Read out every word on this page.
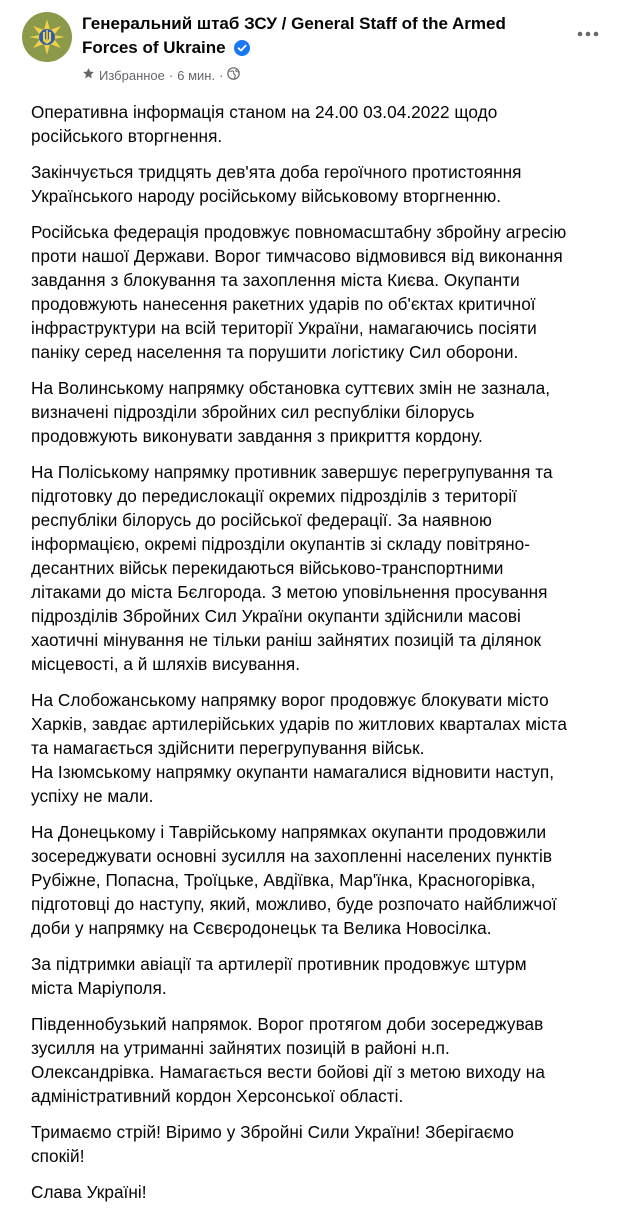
Генеральний штаб ЗСУ / General Staff of the Armed
Forces of Ukraine
Избранное · 6 мин. ·
Оперативна інформація станом на 24.00 03.04.2022 щодо
російського вторгнення.
Закінчується тридцять дев'ята доба героїчного протистояння
Українського народу російському військовому вторгненню.
Російська федерація продовжує повномасштабну збройну агресію
проти нашої Держави. Ворог тимчасово відмовився від виконання
завдання з блокування та захоплення міста Києва. Окупанти
продовжують нанесення ракетних ударів по об'єктах критичної
інфраструктури на всій території України, намагаючись посіяти
паніку серед населення та порушити логістику Сил оборони.
На Волинському напрямку обстановка суттєвих змін не зазнала,
визначені підрозділи збройних сил республіки білорусь
продовжують виконувати завдання з прикриття кордону.
На Поліському напрямку противник завершує перегрупування та
підготовку до передислокації окремих підрозділів з території
республіки білорусь до російської федерації. За наявною
інформацією, окремі підрозділи окупантів зі складу повітряно-
десантних військ перекидаються військово-транспортними
літаками до міста Бєлгорода. З метою уповільнення просування
підрозділів Збройних Сил України окупанти здійснили масові
хаотичні мінування не тільки раніш зайнятих позицій та ділянок
місцевості, а й шляхів висування.
На Слобожанському напрямку ворог продовжує блокувати місто
Харків, завдає артилерійських ударів по житлових кварталах міста
та намагається здійснити перегрупування військ.
На Ізюмському напрямку окупанти намагалися відновити наступ,
успіху не мали.
На Донецькому і Таврійському напрямках окупанти продовжили
зосереджувати основні зусилля на захопленні населених пунктів
Рубіжне, Попасна, Троїцьке, Авдіївка, Мар'їнка, Красногорівка,
підготовці до наступу, який, можливо, буде розпочато найближчої
доби у напрямку на Сєвєродонецьк та Велика Новосілка.
За підтримки авіації та артилерії противник продовжує штурм
міста Маріуполя.
Південнобузький напрямок. Ворог протягом доби зосереджував
зусилля на утриманні зайнятих позицій в районі н.п.
Олександрівка. Намагається вести бойові дії з метою виходу на
адміністративний кордон Херсонської області.
Тримаємо стрій! Віримо у Збройні Сили України! Зберігаємо
спокій!
Слава Україні!
